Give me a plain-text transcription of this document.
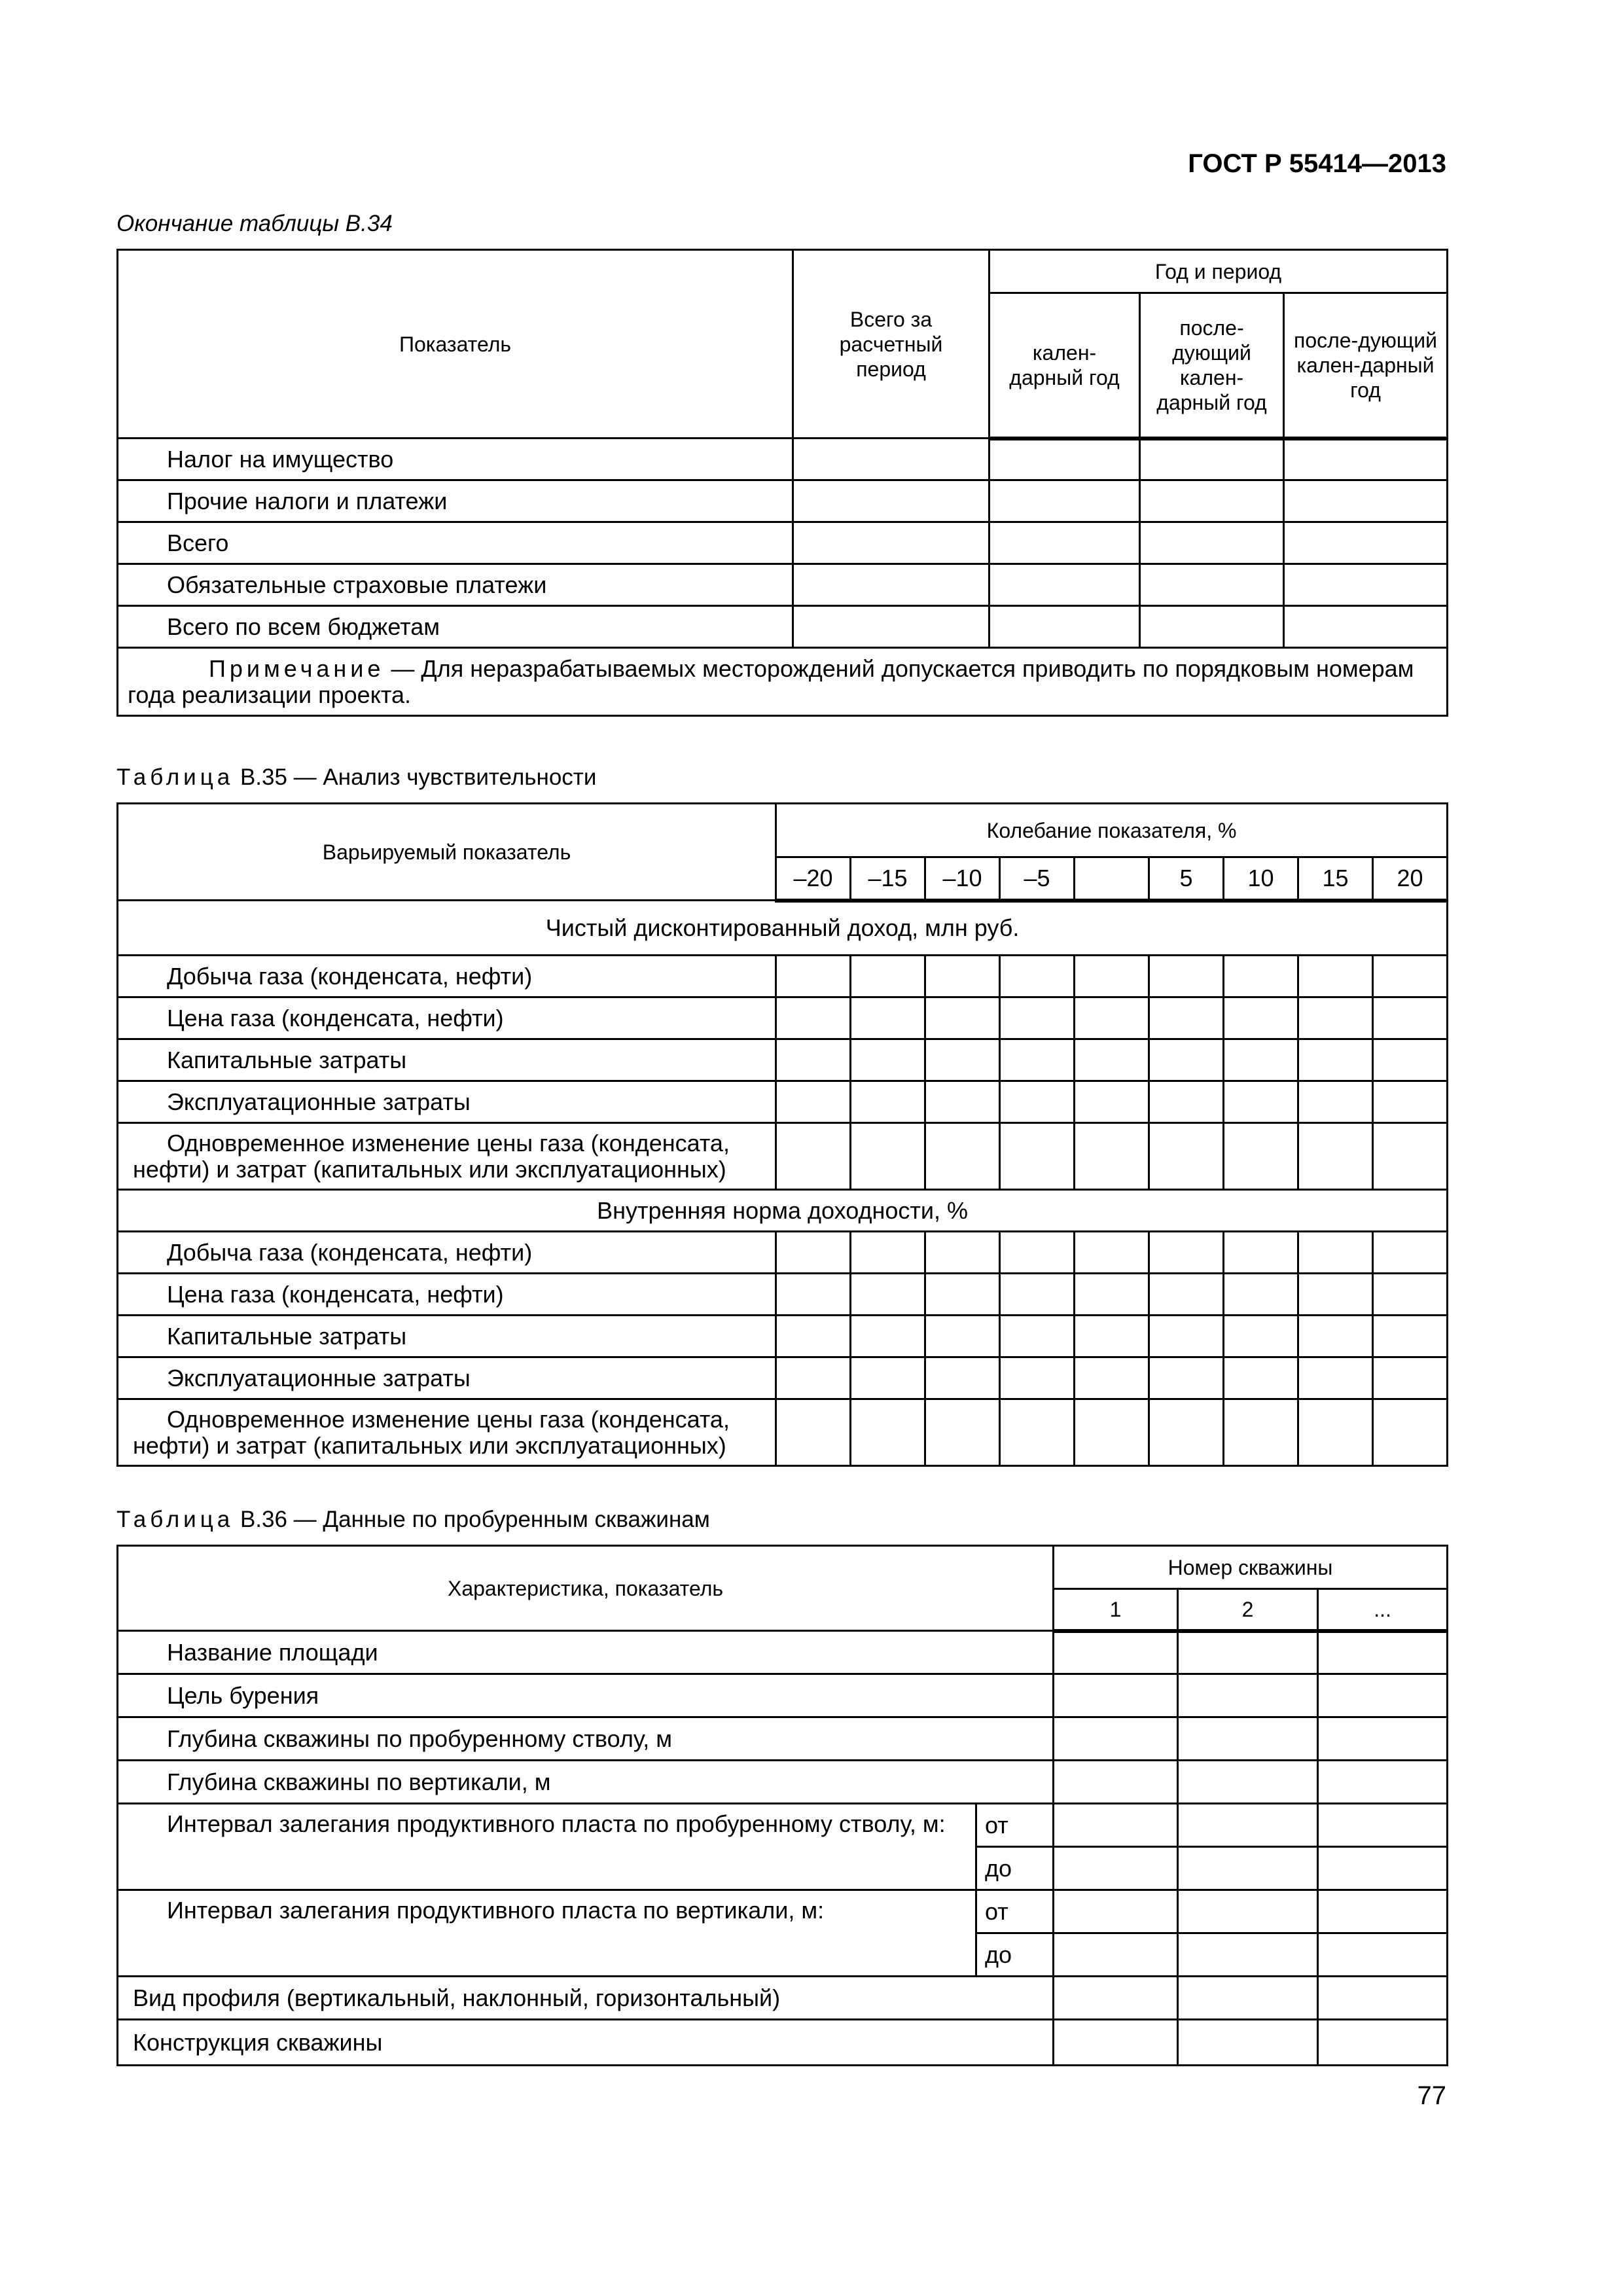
ГОСТ Р 55414—2013
Окончание таблицы В.34
Показатель	Всего за расчетный период	Год и период		
		кален-дарный год	после-дующий кален-дарный год	после-дующий кален-дарный год
Налог на имущество				
Прочие налоги и платежи				
Всего				
Обязательные страховые платежи				
Всего по всем бюджетам				
Примечание — Для неразрабатываемых месторождений допускается приводить по порядковым номерам года реализации проекта.				
Таблица В.35 — Анализ чувствительности
Варьируемый показатель	Колебание показателя, %								
	–20	–15	–10	–5		5	10	15	20
Чистый дисконтированный доход, млн руб.									
Добыча газа (конденсата, нефти)									
Цена газа (конденсата, нефти)									
Капитальные затраты									
Эксплуатационные затраты									
Одновременное изменение цены газа (конденсата, нефти) и затрат (капитальных или эксплуатационных)									
Внутренняя норма доходности, %									
Добыча газа (конденсата, нефти)									
Цена газа (конденсата, нефти)									
Капитальные затраты									
Эксплуатационные затраты									
Одновременное изменение цены газа (конденсата, нефти) и затрат (капитальных или эксплуатационных)									
Таблица В.36 — Данные по пробуренным скважинам
Характеристика, показатель		Номер скважины		
		1	2	...
Название площади				
Цель бурения				
Глубина скважины по пробуренному стволу, м				
Глубина скважины по вертикали, м				
Интервал залегания продуктивного пласта по пробуренному стволу, м:	от			
	до			
Интервал залегания продуктивного пласта по вертикали, м:	от			
	до			
Вид профиля (вертикальный, наклонный, горизонтальный)				
Конструкция скважины				
77
